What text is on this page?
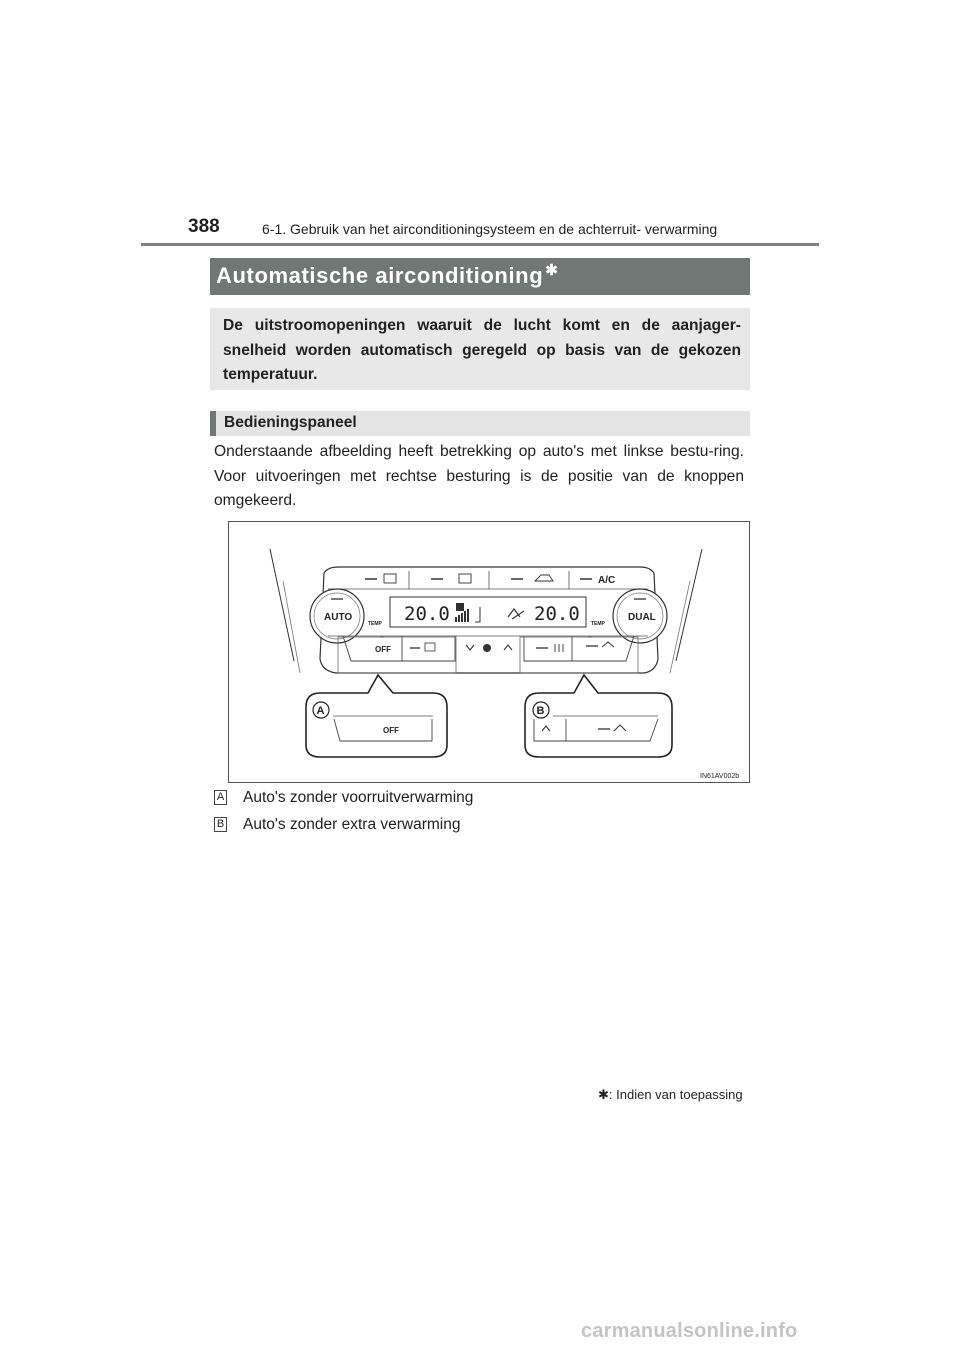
388	6-1. Gebruik van het airconditioningsysteem en de achterruit- verwarming
Automatische airconditioning ✱

De uitstroomopeningen waaruit de lucht komt en de aanjager-snelheid worden automatisch geregeld op basis van de gekozen temperatuur.

Bedieningspaneel

Onderstaande afbeelding heeft betrekking op auto's met linkse bestu-ring. Voor uitvoeringen met rechtse besturing is de positie van de knoppen omgekeerd.

A/C
AUTO	DUAL
TEMP	TEMP
20.0	20.0
OFF
A
OFF
B
IN61AV002b
A Auto's zonder voorruitverwarming
B Auto's zonder extra verwarming
✱: Indien van toepassing
carmanualsonline.info
